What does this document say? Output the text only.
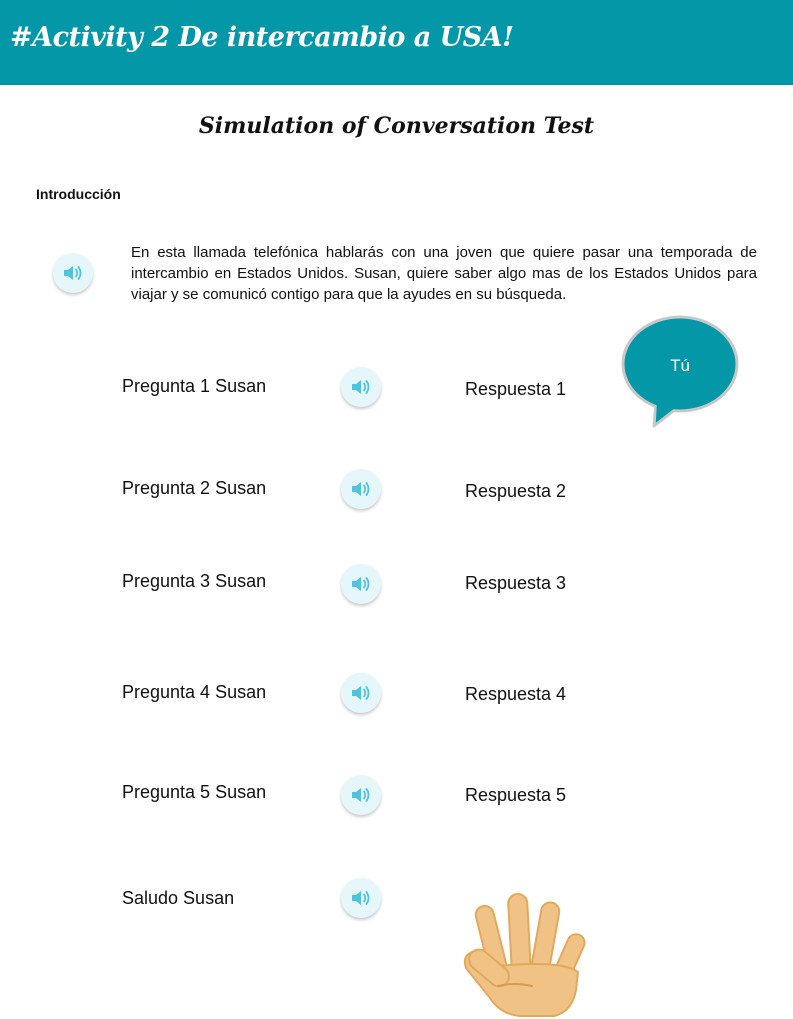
#Activity 2 De intercambio a USA!
Simulation of Conversation Test
Introducción

En esta llamada telefónica hablarás con una joven que quiere pasar una temporada de intercambio en Estados Unidos. Susan, quiere saber algo mas de los Estados Unidos para viajar y se comunicó contigo para que la ayudes en su búsqueda.

Tú
Pregunta 1 Susan	Respuesta 1
Pregunta 2 Susan	Respuesta 2
Pregunta 3 Susan	Respuesta 3
Pregunta 4 Susan	Respuesta 4
Pregunta 5 Susan	Respuesta 5
Saludo Susan
